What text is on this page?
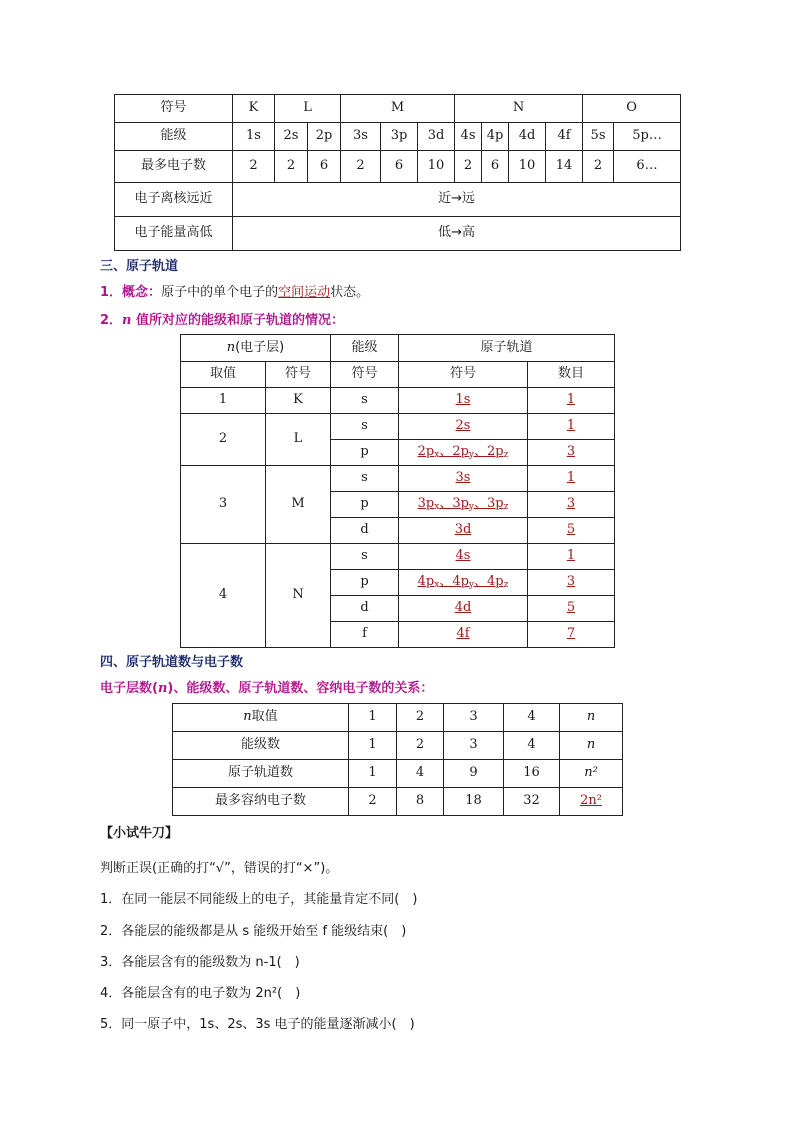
符号	K	L		M			N				O	
能级	1s	2s	2p	3s	3p	3d	4s	4p	4d	4f	5s	5p…
最多电子数	2	2	6	2	6	10	2	6	10	14	2	6…
电子离核远近	近→远											
电子能量高低	低→高											
三、原子轨道
1．概念：原子中的单个电子的空间运动状态。
2．n 值所对应的能级和原子轨道的情况：
n(电子层)		能级	原子轨道	
取值	符号	符号	符号	数目
1	K	s	1s	1
2	L	s	2s	1
		p	$2p_x$、$2p_y$、$2p_z$	3
3	M	s	3s	1
		p	$3p_x$、$3p_y$、$3p_z$	3
		d	3d	5
4	N	s	4s	1
		p	$4p_x$、$4p_y$、$4p_z$	3
		d	4d	5
		f	4f	7
四、原子轨道数与电子数
电子层数(n)、能级数、原子轨道数、容纳电子数的关系：
n取值	1	2	3	4	n
能级数	1	2	3	4	n
原子轨道数	1	4	9	16	n²
最多容纳电子数	2	8	18	32	2n²
【小试牛刀】
判断正误(正确的打“√”，错误的打“×”)。
1．在同一能层不同能级上的电子，其能量肯定不同(　)
2．各能层的能级都是从 s 能级开始至 f 能级结束(　)
3．各能层含有的能级数为 n-1(　)
4．各能层含有的电子数为 2n²(　)
5．同一原子中，1s、2s、3s 电子的能量逐渐减小(　)
